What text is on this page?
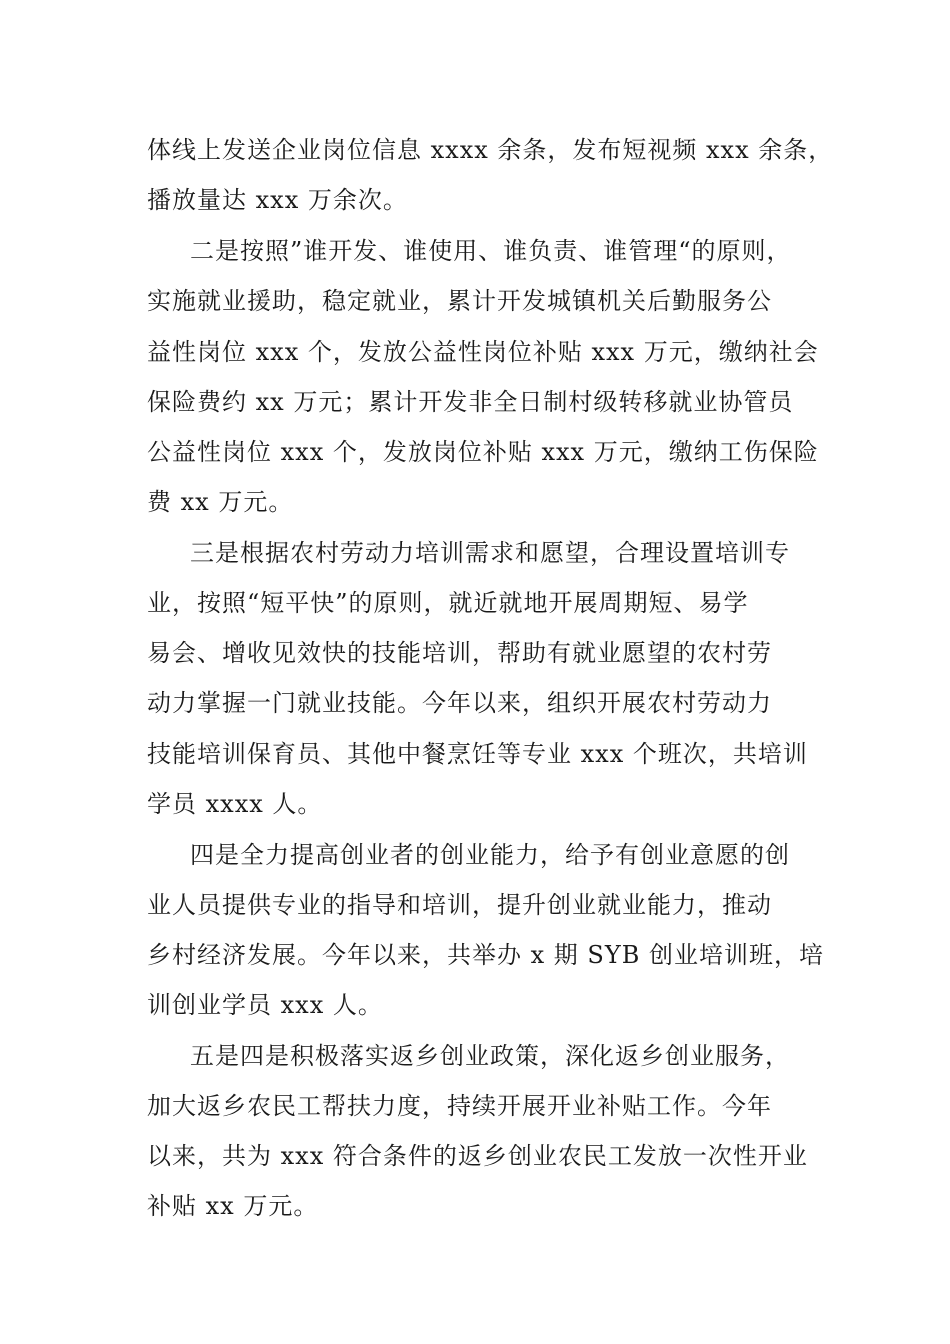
体线上发送企业岗位信息 xxxx 余条，发布短视频 xxx 余条，

播放量达 xxx 万余次。

二是按照”谁开发、谁使用、谁负责、谁管理“的原则，

实施就业援助，稳定就业，累计开发城镇机关后勤服务公

益性岗位 xxx 个，发放公益性岗位补贴 xxx 万元，缴纳社会

保险费约 xx 万元；累计开发非全日制村级转移就业协管员

公益性岗位 xxx 个，发放岗位补贴 xxx 万元，缴纳工伤保险

费 xx 万元。

三是根据农村劳动力培训需求和愿望，合理设置培训专

业，按照“短平快”的原则，就近就地开展周期短、易学

易会、增收见效快的技能培训，帮助有就业愿望的农村劳

动力掌握一门就业技能。今年以来，组织开展农村劳动力

技能培训保育员、其他中餐烹饪等专业 xxx 个班次，共培训

学员 xxxx 人。

四是全力提高创业者的创业能力，给予有创业意愿的创

业人员提供专业的指导和培训，提升创业就业能力，推动

乡村经济发展。今年以来，共举办 x 期 SYB 创业培训班，培

训创业学员 xxx 人。

五是四是积极落实返乡创业政策，深化返乡创业服务，

加大返乡农民工帮扶力度，持续开展开业补贴工作。今年

以来，共为 xxx 符合条件的返乡创业农民工发放一次性开业

补贴 xx 万元。
